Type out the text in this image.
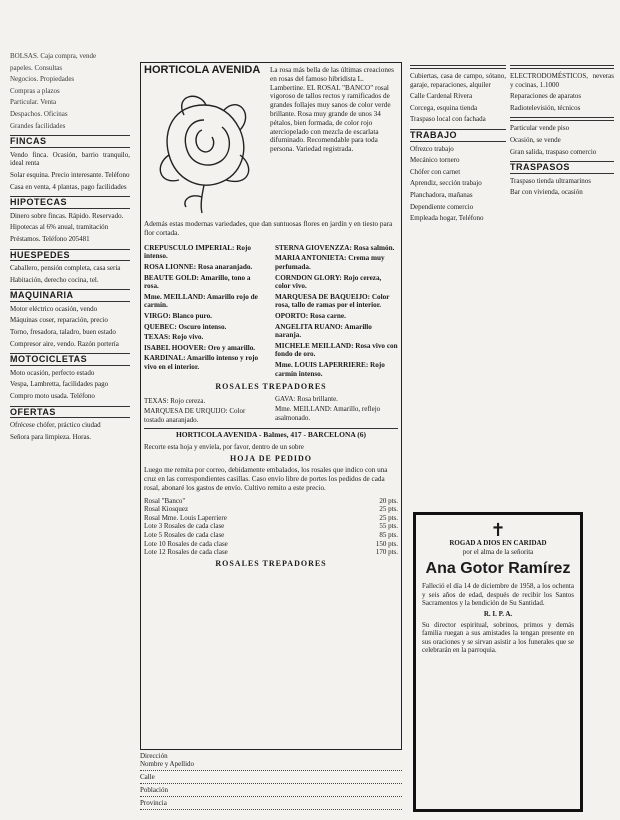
BOLSAS. Caja compra, vende
papeles. Consultas
Negocios. Propiedades
Compras a plazos
Particular. Venta
Despachos. Oficinas
Grandes facilidades
FINCAS
Vendo finca. Ocasión, barrio tranquilo, ideal renta
Solar esquina. Precio interesante. Teléfono
Casa en venta, 4 plantas, pago facilidades
HIPOTECAS
Dinero sobre fincas. Rápido. Reservado.
Hipotecas al 6% anual, tramitación
Préstamos. Teléfono 205481
HUESPEDES
Caballero, pensión completa, casa seria
Habitación, derecho cocina, tel.
MAQUINARIA
Motor eléctrico ocasión, vendo
Máquinas coser, reparación, precio
Torno, fresadora, taladro, buen estado
Compresor aire, vendo. Razón portería
MOTOCICLETAS
Moto ocasión, perfecto estado
Vespa, Lambretta, facilidades pago
Compro moto usada. Teléfono
OFERTAS
Ofrécese chófer, práctico ciudad
Señora para limpieza. Horas.
HORTICOLA AVENIDA	La rosa más bella de las últimas creaciones en rosas del famoso hibridista L. Lambertine. EL ROSAL "BANCO" rosal vigoroso de tallos rectos y ramificados de grandes follajes muy sanos de color verde brillante. Rosa muy grande de unos 34 pétalos, bien formada, de color rojo aterciopelado con mezcla de escarlata difuminado. Recomendable para toda persona. Variedad registrada.
Además estas modernas variedades, que dan suntuosas flores en jardín y en tiesto para flor cortada.
CREPUSCULO IMPERIAL: Rojo intenso.
ROSA LIONNE: Rosa anaranjado.
BEAUTE GOLD: Amarillo, tono a rosa.
Mme. MEILLAND: Amarillo rojo de carmín.
VIRGO: Blanco puro.
QUEBEC: Oscuro intenso.
TEXAS: Rojo vivo.
ISABEL HOOVER: Oro y amarillo.
KARDINAL: Amarillo intenso y rojo vivo en el interior.
STERNA GIOVENZZA: Rosa salmón.
MARIA ANTONIETA: Crema muy perfumada.
CORNDON GLORY: Rojo cereza, color vivo.
MARQUESA DE BAQUEIJO: Color rosa, tallo de ramas por el interior.
OPORTO: Rosa carne.
ANGELITA RUANO: Amarillo naranja.
MICHELE MEILLAND: Rosa vivo con fondo de oro.
Mme. LOUIS LAPERRIERE: Rojo carmín intenso.
ROSALES TREPADORES
TEXAS: Rojo cereza.
MARQUESA DE URQUIJO: Color tostado anaranjado.
GAVA: Rosa brillante.
Mme. MEILLAND: Amarillo, reflejo asalmonado.
HORTICOLA AVENIDA - Balmes, 417 - BARCELONA (6)
Recorte esta hoja y envíela, por favor, dentro de un sobre
HOJA DE PEDIDO
Luego me remita por correo, debidamente embalados, los rosales que indico con una cruz en las correspondientes casillas. Caso envío libre de portes los pedidos de cada rosal, abonaré los gastos de envío. Cultivo remito a este precio.
Rosal "Banco"	20 pts.
Rosal Kiosquez	25 pts.
Rosal Mme. Louis Laperriere	25 pts.
Lote 3 Rosales de cada clase	55 pts.
Lote 5 Rosales de cada clase	85 pts.
Lote 10 Rosales de cada clase	150 pts.
Lote 12 Rosales de cada clase	170 pts.
ROSALES TREPADORES
Dirección
Nombre y Apellido
Calle
Población
Provincia
Cubiertas, casa de campo, sótano, garaje, reparaciones, alquiler
Calle Cardenal Rivera
Corcega, esquina tienda
Traspaso local con fachada
TRABAJO
Ofrezco trabajo
Mecánico tornero
Chófer con carnet
Aprendiz, sección trabajo
Planchadora, mañanas
Dependiente comercio
Empleada hogar, Teléfono
ELECTRODOMÉSTICOS, neveras y cocinas, 1.1000
Reparaciones de aparatos
Radiotelevisión, técnicos
Particular vende piso
Ocasión, se vende
Gran salida, traspaso comercio
TRASPASOS
Traspaso tienda ultramarinos
Bar con vivienda, ocasión
✝
ROGAD A DIOS EN CARIDAD
por el alma de la señorita
Ana Gotor Ramírez
Falleció el día 14 de diciembre de 1958, a los ochenta y seis años de edad, después de recibir los Santos Sacramentos y la bendición de Su Santidad.
R. I. P. A.
Su director espiritual, sobrinos, primos y demás familia ruegan a sus amistades la tengan presente en sus oraciones y se sirvan asistir a los funerales que se celebrarán en la parroquia.
